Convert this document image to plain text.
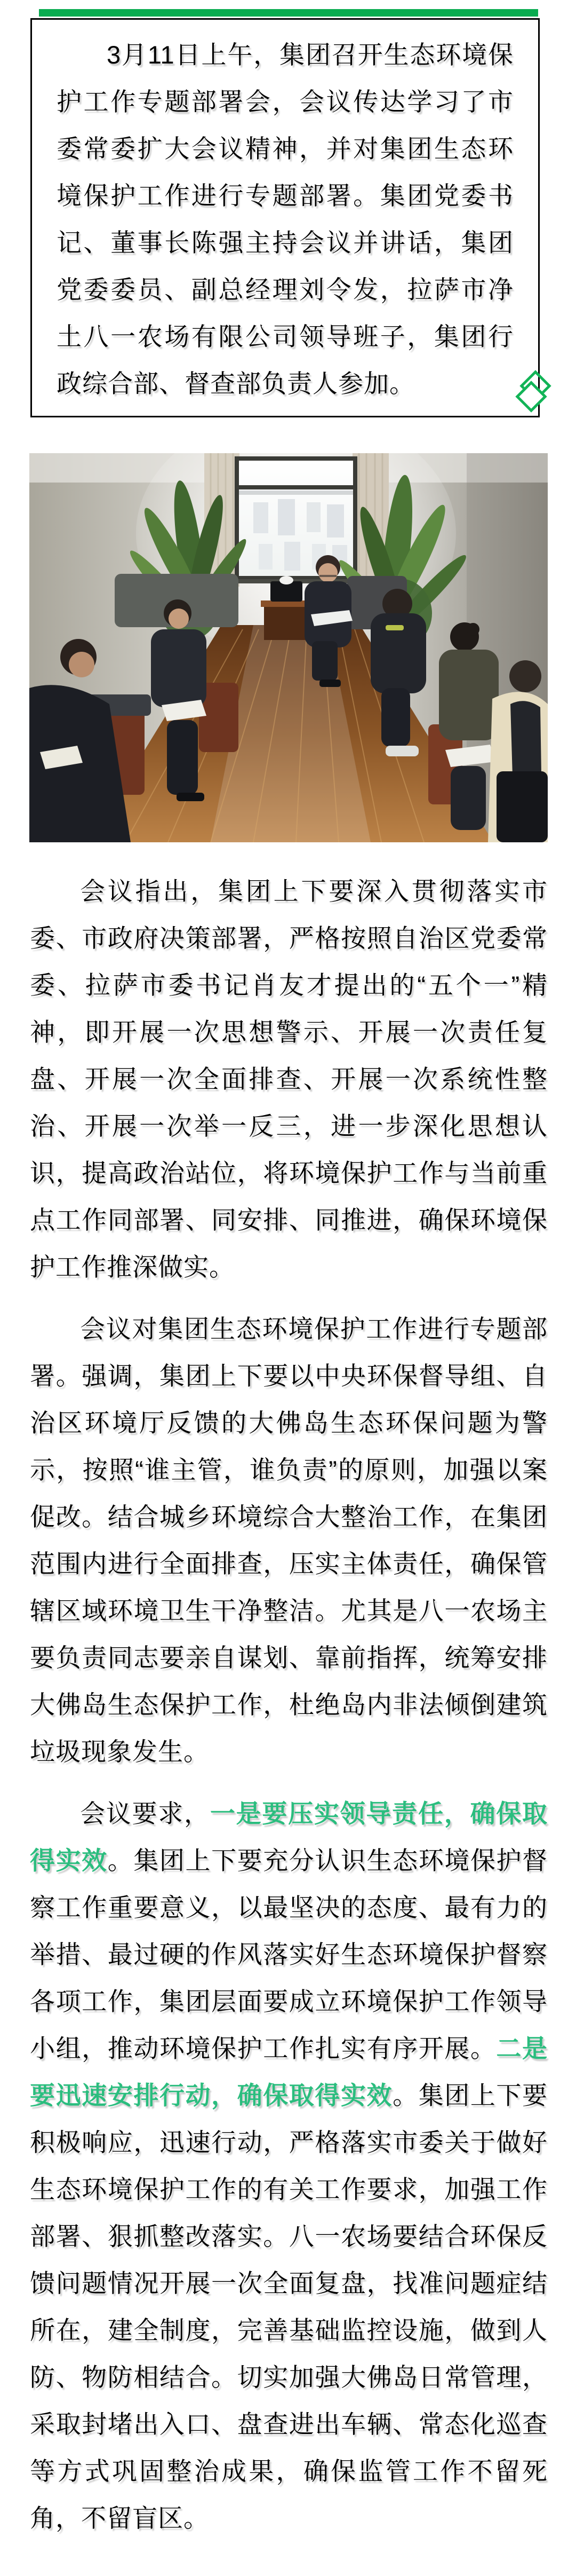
3月11日上午，集团召开生态环境保护工作专题部署会，会议传达学习了市委常委扩大会议精神，并对集团生态环境保护工作进行专题部署。集团党委书记、董事长陈强主持会议并讲话，集团党委委员、副总经理刘令发，拉萨市净土八一农场有限公司领导班子，集团行政综合部、督查部负责人参加。

会议指出，集团上下要深入贯彻落实市委、市政府决策部署，严格按照自治区党委常委、拉萨市委书记肖友才提出的“五个一”精神，即开展一次思想警示、开展一次责任复盘、开展一次全面排查、开展一次系统性整治、开展一次举一反三，进一步深化思想认识，提高政治站位，将环境保护工作与当前重点工作同部署、同安排、同推进，确保环境保护工作推深做实。

会议对集团生态环境保护工作进行专题部署。强调，集团上下要以中央环保督导组、自治区环境厅反馈的大佛岛生态环保问题为警示，按照“谁主管，谁负责”的原则，加强以案促改。结合城乡环境综合大整治工作，在集团范围内进行全面排查，压实主体责任，确保管辖区域环境卫生干净整洁。尤其是八一农场主要负责同志要亲自谋划、靠前指挥，统筹安排大佛岛生态保护工作，杜绝岛内非法倾倒建筑垃圾现象发生。

会议要求，一是要压实领导责任，确保取得实效。集团上下要充分认识生态环境保护督察工作重要意义，以最坚决的态度、最有力的举措、最过硬的作风落实好生态环境保护督察各项工作，集团层面要成立环境保护工作领导小组，推动环境保护工作扎实有序开展。二是要迅速安排行动，确保取得实效。集团上下要积极响应，迅速行动，严格落实市委关于做好生态环境保护工作的有关工作要求，加强工作部署、狠抓整改落实。八一农场要结合环保反馈问题情况开展一次全面复盘，找准问题症结所在，建全制度，完善基础监控设施，做到人防、物防相结合。切实加强大佛岛日常管理，采取封堵出入口、盘查进出车辆、常态化巡查等方式巩固整治成果，确保监管工作不留死角，不留盲区。
